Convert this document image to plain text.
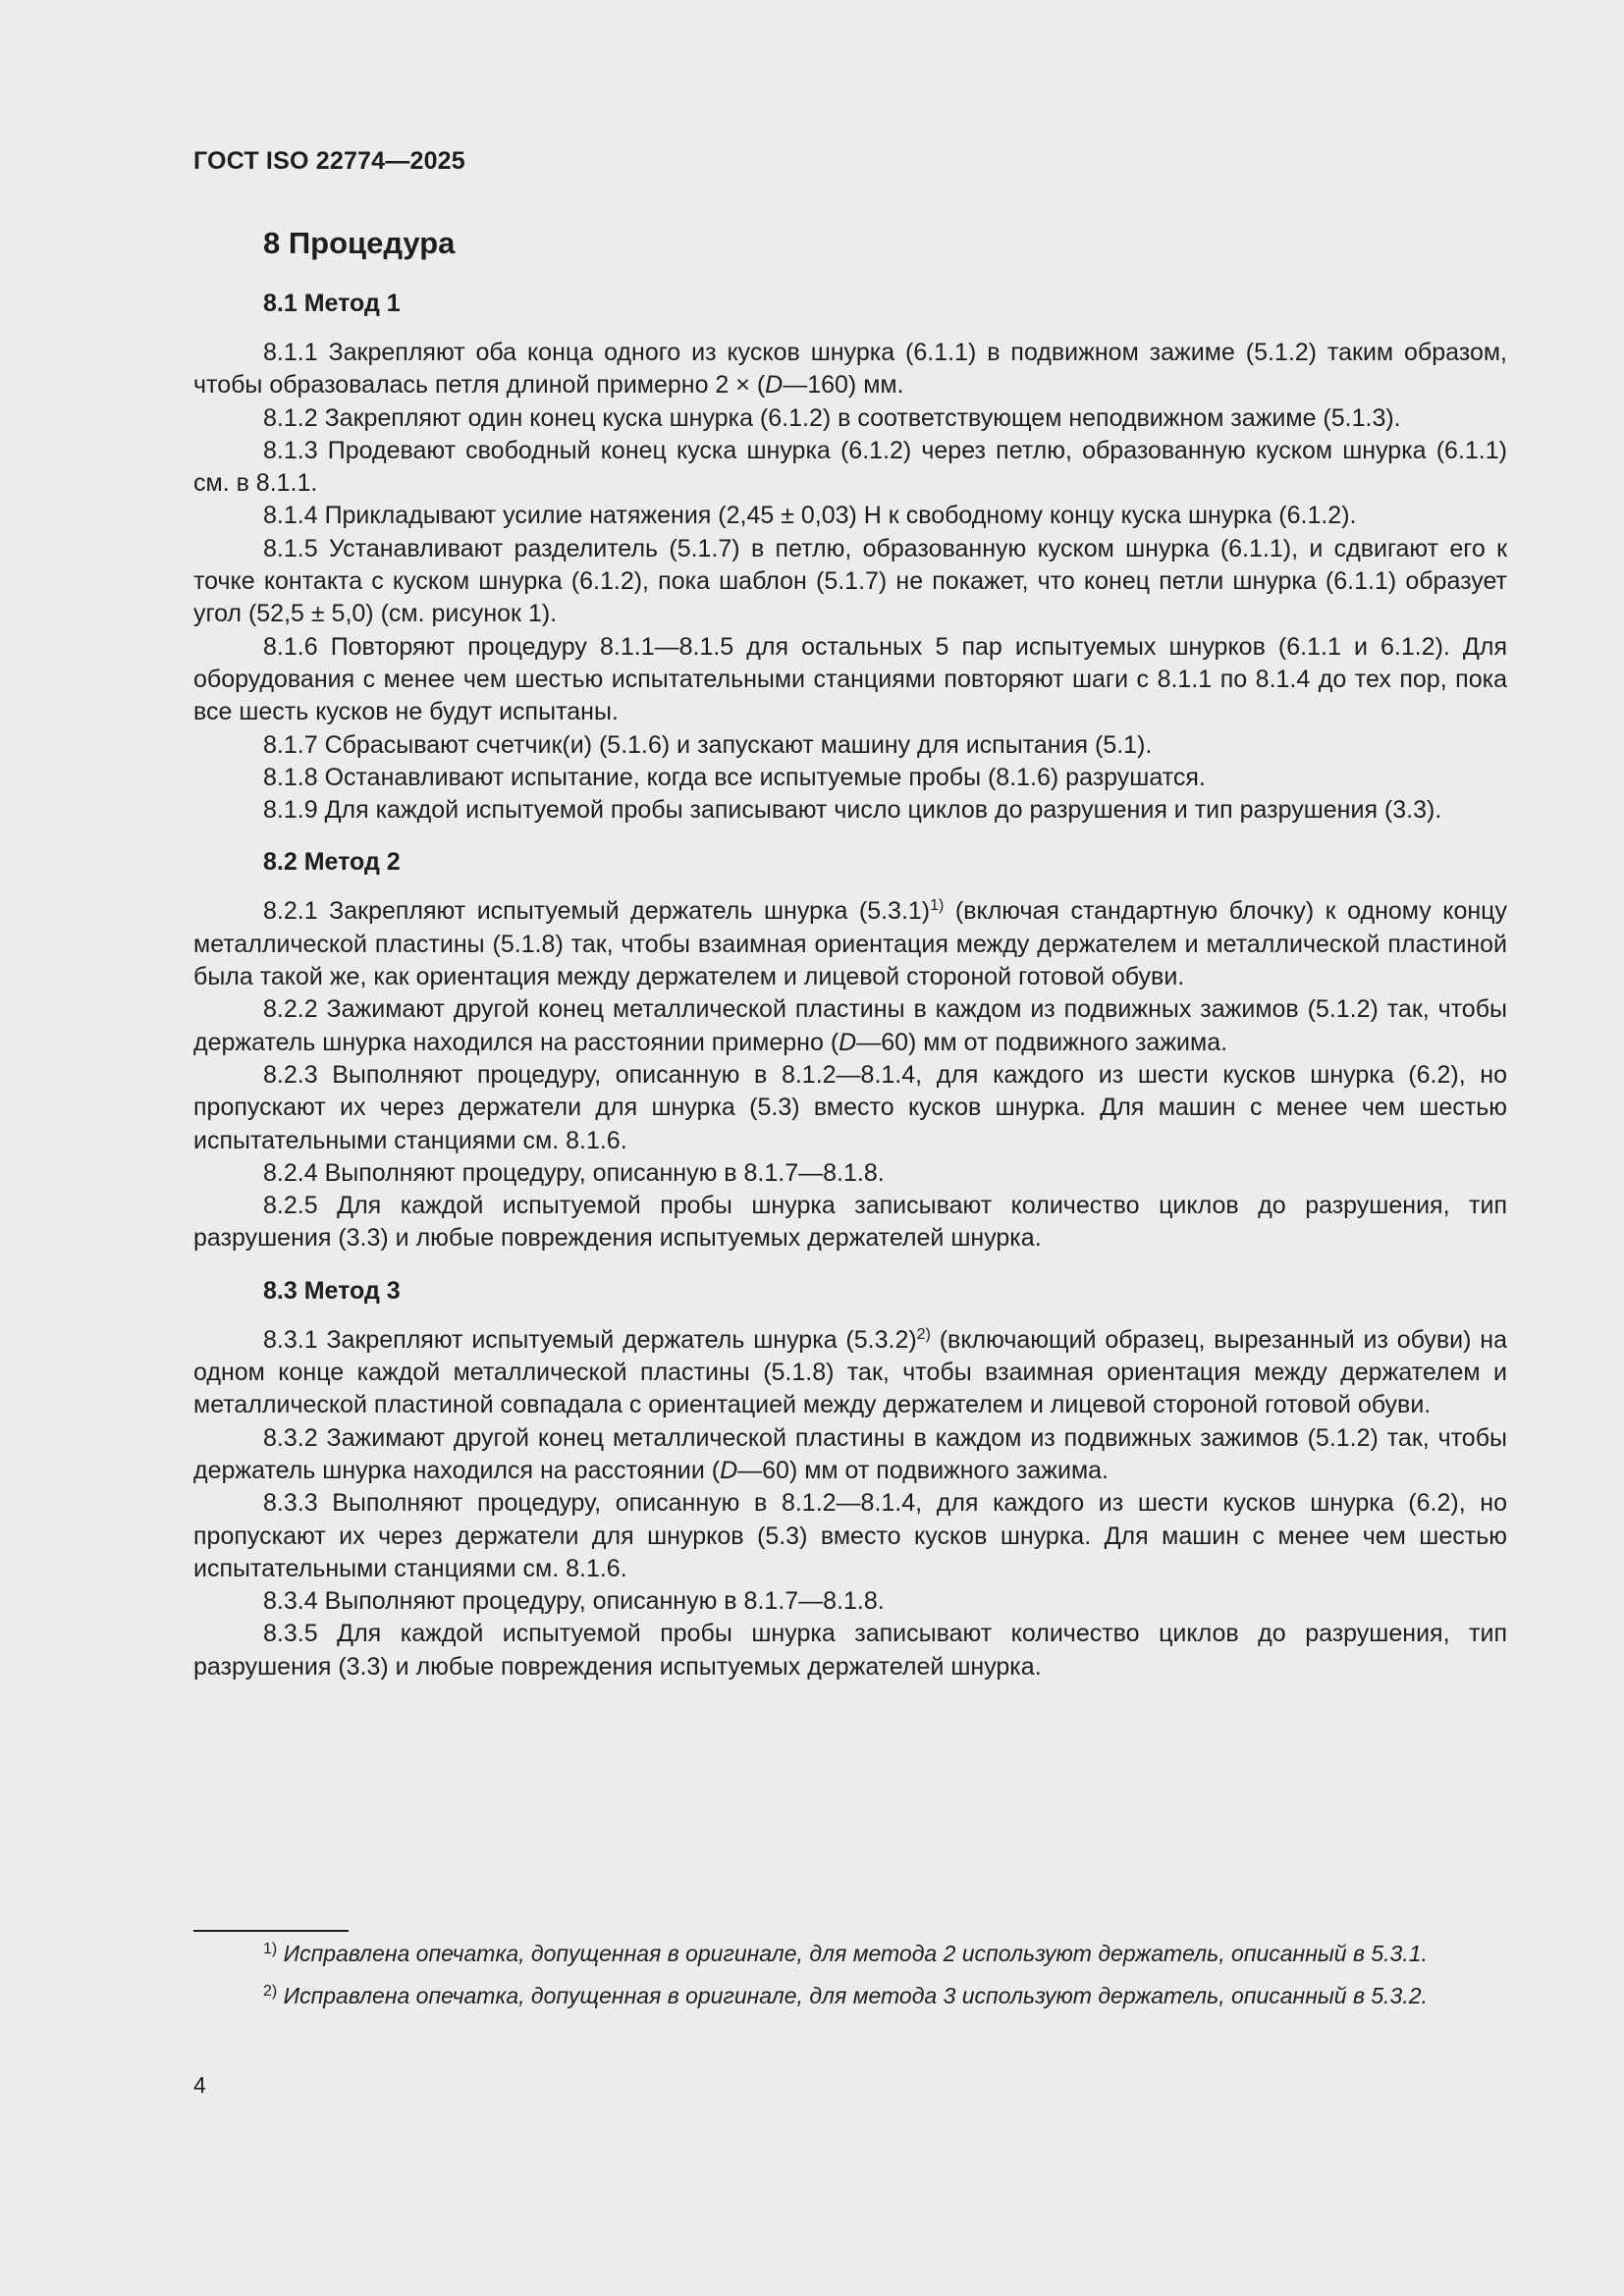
ГОСТ ISO 22774—2025
8 Процедура
8.1 Метод 1

8.1.1 Закрепляют оба конца одного из кусков шнурка (6.1.1) в подвижном зажиме (5.1.2) таким образом, чтобы образовалась петля длиной примерно 2 × (D—160) мм.

8.1.2 Закрепляют один конец куска шнурка (6.1.2) в соответствующем неподвижном зажиме (5.1.3).

8.1.3 Продевают свободный конец куска шнурка (6.1.2) через петлю, образованную куском шнурка (6.1.1) см. в 8.1.1.

8.1.4 Прикладывают усилие натяжения (2,45 ± 0,03) Н к свободному концу куска шнурка (6.1.2).

8.1.5 Устанавливают разделитель (5.1.7) в петлю, образованную куском шнурка (6.1.1), и сдвигают его к точке контакта с куском шнурка (6.1.2), пока шаблон (5.1.7) не покажет, что конец петли шнурка (6.1.1) образует угол (52,5 ± 5,0) (см. рисунок 1).

8.1.6 Повторяют процедуру 8.1.1—8.1.5 для остальных 5 пар испытуемых шнурков (6.1.1 и 6.1.2). Для оборудования с менее чем шестью испытательными станциями повторяют шаги с 8.1.1 по 8.1.4 до тех пор, пока все шесть кусков не будут испытаны.

8.1.7 Сбрасывают счетчик(и) (5.1.6) и запускают машину для испытания (5.1).

8.1.8 Останавливают испытание, когда все испытуемые пробы (8.1.6) разрушатся.

8.1.9 Для каждой испытуемой пробы записывают число циклов до разрушения и тип разрушения (3.3).

8.2 Метод 2

8.2.1 Закрепляют испытуемый держатель шнурка $(5.3.1)^{1)}$ (включая стандартную блочку) к одному концу металлической пластины (5.1.8) так, чтобы взаимная ориентация между держателем и металлической пластиной была такой же, как ориентация между держателем и лицевой стороной готовой обуви.

8.2.2 Зажимают другой конец металлической пластины в каждом из подвижных зажимов (5.1.2) так, чтобы держатель шнурка находился на расстоянии примерно (D—60) мм от подвижного зажима.

8.2.3 Выполняют процедуру, описанную в 8.1.2—8.1.4, для каждого из шести кусков шнурка (6.2), но пропускают их через держатели для шнурка (5.3) вместо кусков шнурка. Для машин с менее чем шестью испытательными станциями см. 8.1.6.

8.2.4 Выполняют процедуру, описанную в 8.1.7—8.1.8.

8.2.5 Для каждой испытуемой пробы шнурка записывают количество циклов до разрушения, тип разрушения (3.3) и любые повреждения испытуемых держателей шнурка.

8.3 Метод 3

8.3.1 Закрепляют испытуемый держатель шнурка $(5.3.2)^{2)}$ (включающий образец, вырезанный из обуви) на одном конце каждой металлической пластины (5.1.8) так, чтобы взаимная ориентация между держателем и металлической пластиной совпадала с ориентацией между держателем и лицевой стороной готовой обуви.

8.3.2 Зажимают другой конец металлической пластины в каждом из подвижных зажимов (5.1.2) так, чтобы держатель шнурка находился на расстоянии (D—60) мм от подвижного зажима.

8.3.3 Выполняют процедуру, описанную в 8.1.2—8.1.4, для каждого из шести кусков шнурка (6.2), но пропускают их через держатели для шнурков (5.3) вместо кусков шнурка. Для машин с менее чем шестью испытательными станциями см. 8.1.6.

8.3.4 Выполняют процедуру, описанную в 8.1.7—8.1.8.

8.3.5 Для каждой испытуемой пробы шнурка записывают количество циклов до разрушения, тип разрушения (3.3) и любые повреждения испытуемых держателей шнурка.

$^{1)}$ Исправлена опечатка, допущенная в оригинале, для метода 2 используют держатель, описанный в 5.3.1.

$^{2)}$ Исправлена опечатка, допущенная в оригинале, для метода 3 используют держатель, описанный в 5.3.2.

4
